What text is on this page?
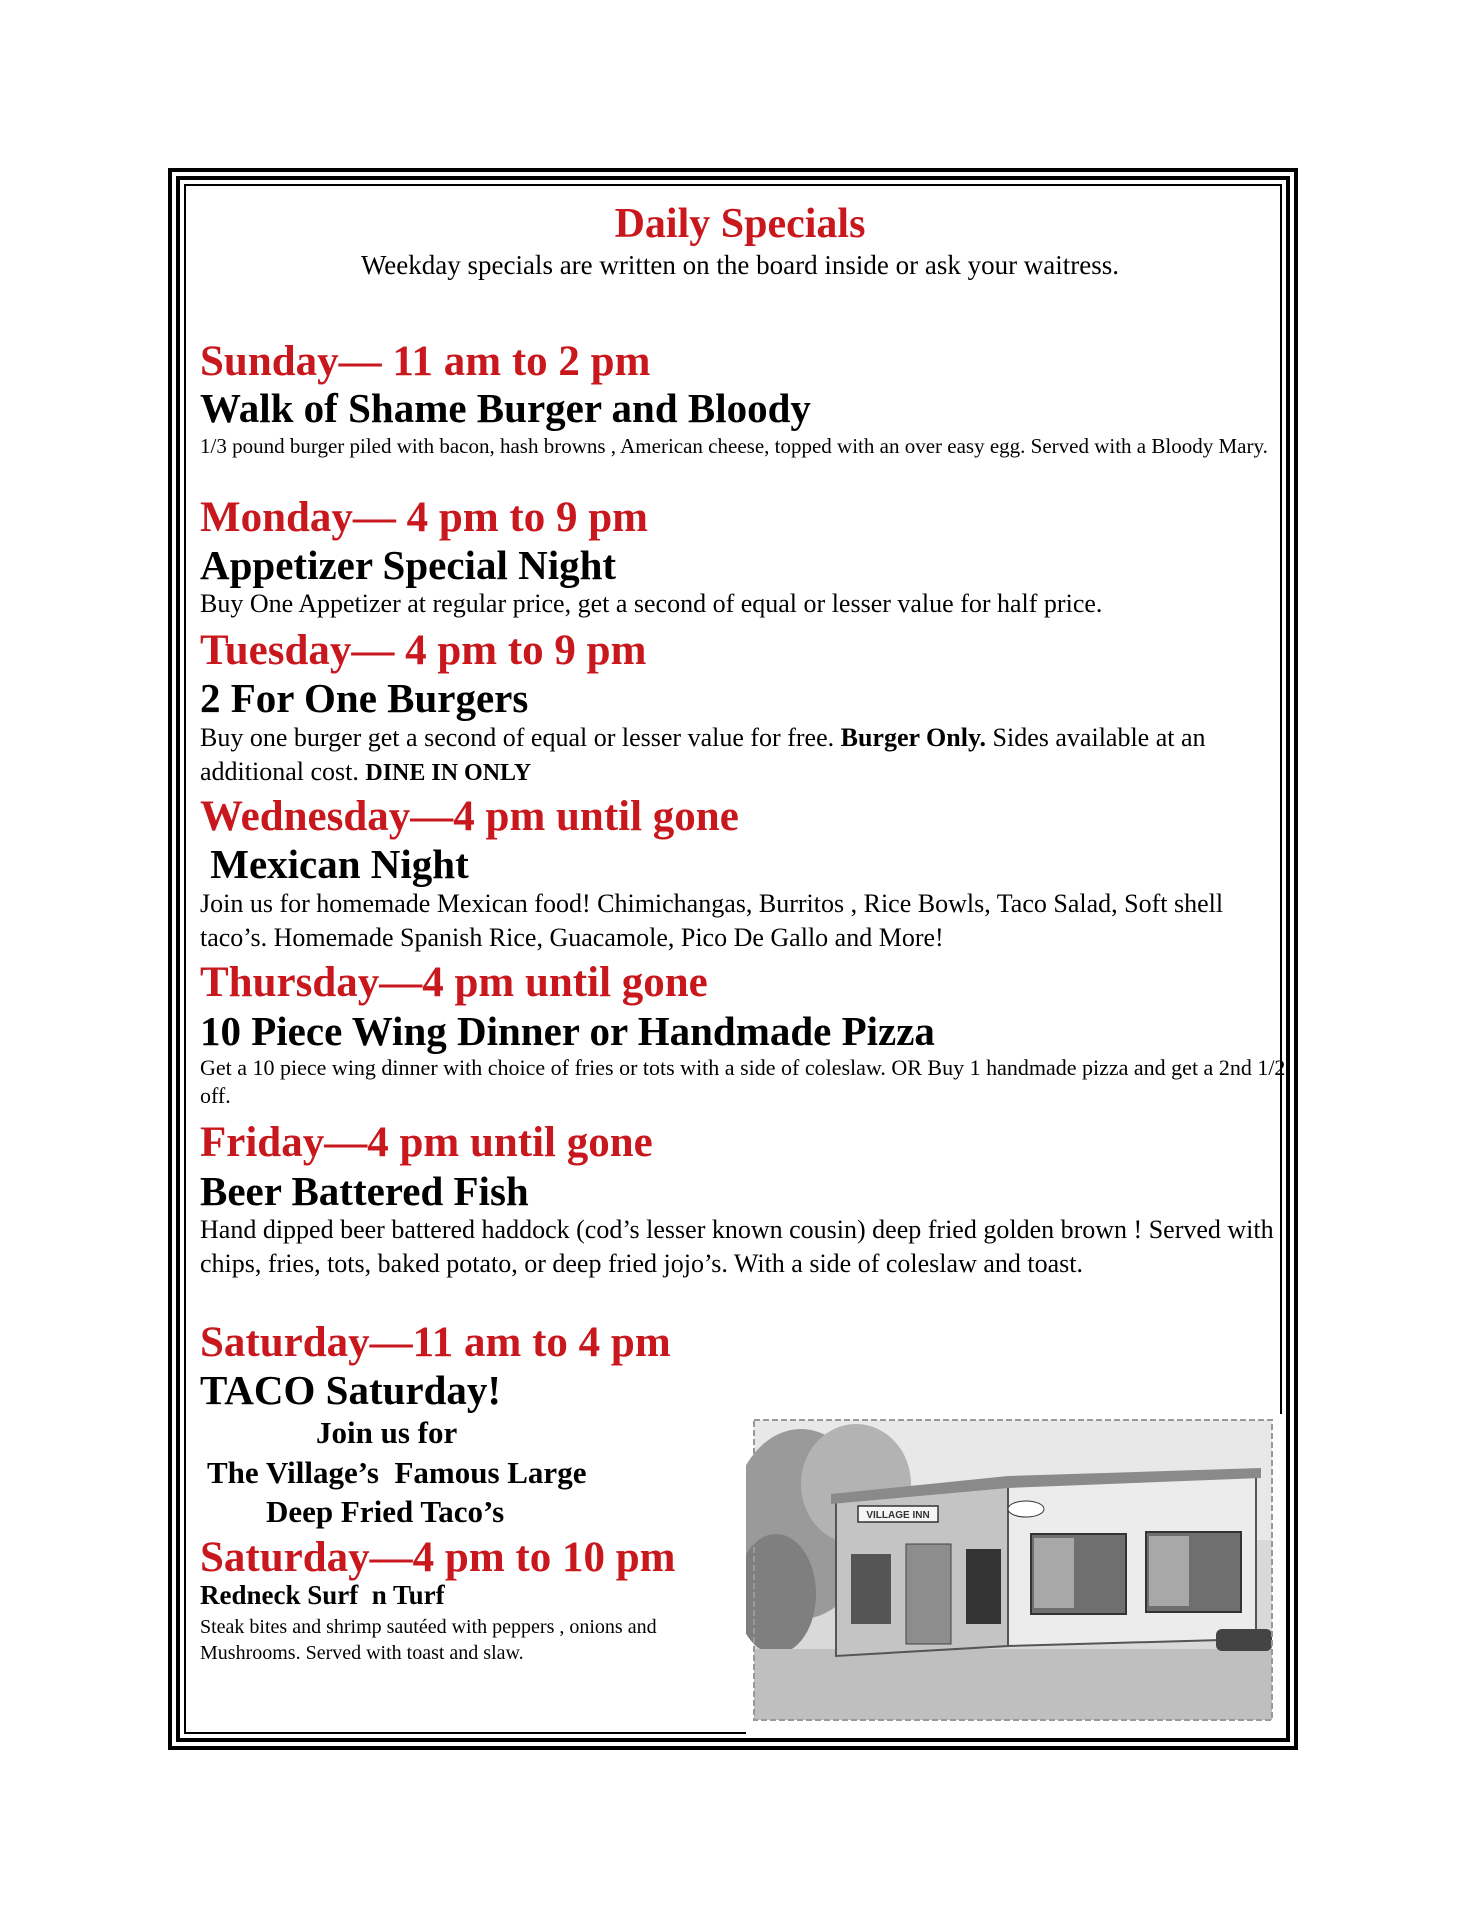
Daily Specials
Weekday specials are written on the board inside or ask your waitress.
Sunday— 11 am to 2 pm
Walk of Shame Burger and Bloody
1/3 pound burger piled with bacon, hash browns , American cheese, topped with an over easy egg. Served with a Bloody Mary.
Monday— 4 pm to 9 pm
Appetizer Special Night
Buy One Appetizer at regular price, get a second of equal or lesser value for half price.
Tuesday— 4 pm to 9 pm
2 For One Burgers
Buy one burger get a second of equal or lesser value for free. Burger Only. Sides available at an additional cost. DINE IN ONLY
Wednesday—4 pm until gone
Mexican Night
Join us for homemade Mexican food! Chimichangas, Burritos , Rice Bowls, Taco Salad, Soft shell taco’s. Homemade Spanish Rice, Guacamole, Pico De Gallo and More!
Thursday—4 pm until gone
10 Piece Wing Dinner or Handmade Pizza
Get a 10 piece wing dinner with choice of fries or tots with a side of coleslaw. OR Buy 1 handmade pizza and get a 2nd 1/2 off.
Friday—4 pm until gone
Beer Battered Fish
Hand dipped beer battered haddock (cod’s lesser known cousin) deep fried golden brown ! Served with chips, fries, tots, baked potato, or deep fried jojo’s. With a side of coleslaw and toast.
Saturday—11 am to 4 pm
TACO Saturday!
Join us for
The Village’s  Famous Large
Deep Fried Taco’s
Saturday—4 pm to 10 pm
Redneck Surf  n Turf
Steak bites and shrimp sautéed with peppers , onions and Mushrooms. Served with toast and slaw.
VILLAGE INN
